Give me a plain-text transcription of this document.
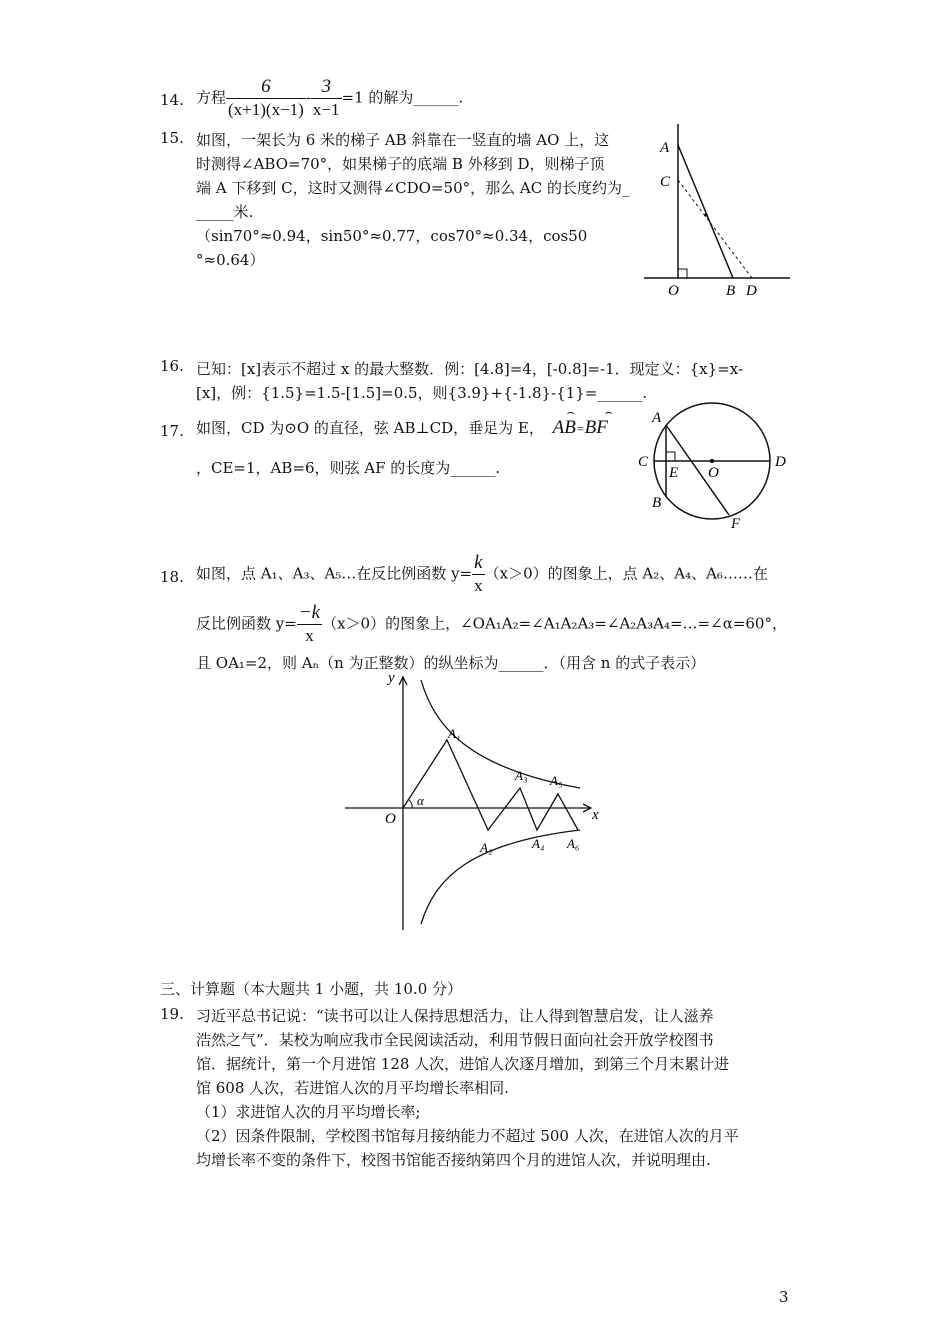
14. 方程 $\frac{6}{(x+1)(x-1)} - \frac{3}{x-1} =1$ 的解为______.
15. 如图，一架长为 6 米的梯子 AB 斜靠在一竖直的墙 AO 上，这
时测得∠ABO=70°，如果梯子的底端 B 外移到 D，则梯子顶
端 A 下移到 C，这时又测得∠CDO=50°，那么 AC 的长度约为_
_____米.
（sin70°≈0.94，sin50°≈0.77，cos70°≈0.34，cos50
°≈0.64）
A
C
O	B D
16. 已知：[x]表示不超过 x 的最大整数．例：[4.8]=4，[-0.8]=-1．现定义：{x}=x-
[x]，例：{1.5}=1.5-[1.5]=0.5，则{3.9}+{-1.8}-{1}=______.
17. 如图，CD 为⊙O 的直径，弦 AB⊥CD，垂足为 E，
⌢
AB=
⌢
BF
，CE=1，AB=6，则弦 AF 的长度为______.
A
C
E O
D
B
F
18. 如图，点 A₁、A₃、A₅…在反比例函数 $y= \frac{k}{x} (x>0)$的图象上，点 A₂、A₄、A₆……在
反比例函数 $y= \frac{-k}{x} (x>0)$的图象上，∠OA₁A₂=∠A₁A₂A₃=∠A₂A₃A₄=…=∠α=60°，
且 OA₁=2，则 Aₙ（n 为正整数）的纵坐标为______．（用含 n 的式子表示）
y
x
O
α
A₁
A₂
A₃
A₄
A₅
A₆
三、计算题（本大题共 1 小题，共 10.0 分）
19. 习近平总书记说：“读书可以让人保持思想活力，让人得到智慧启发，让人滋养
浩然之气”．某校为响应我市全民阅读活动，利用节假日面向社会开放学校图书
馆．据统计，第一个月进馆 128 人次，进馆人次逐月增加，到第三个月末累计进
馆 608 人次，若进馆人次的月平均增长率相同.
（1）求进馆人次的月平均增长率;
（2）因条件限制，学校图书馆每月接纳能力不超过 500 人次，在进馆人次的月平
均增长率不变的条件下，校图书馆能否接纳第四个月的进馆人次，并说明理由.
3
